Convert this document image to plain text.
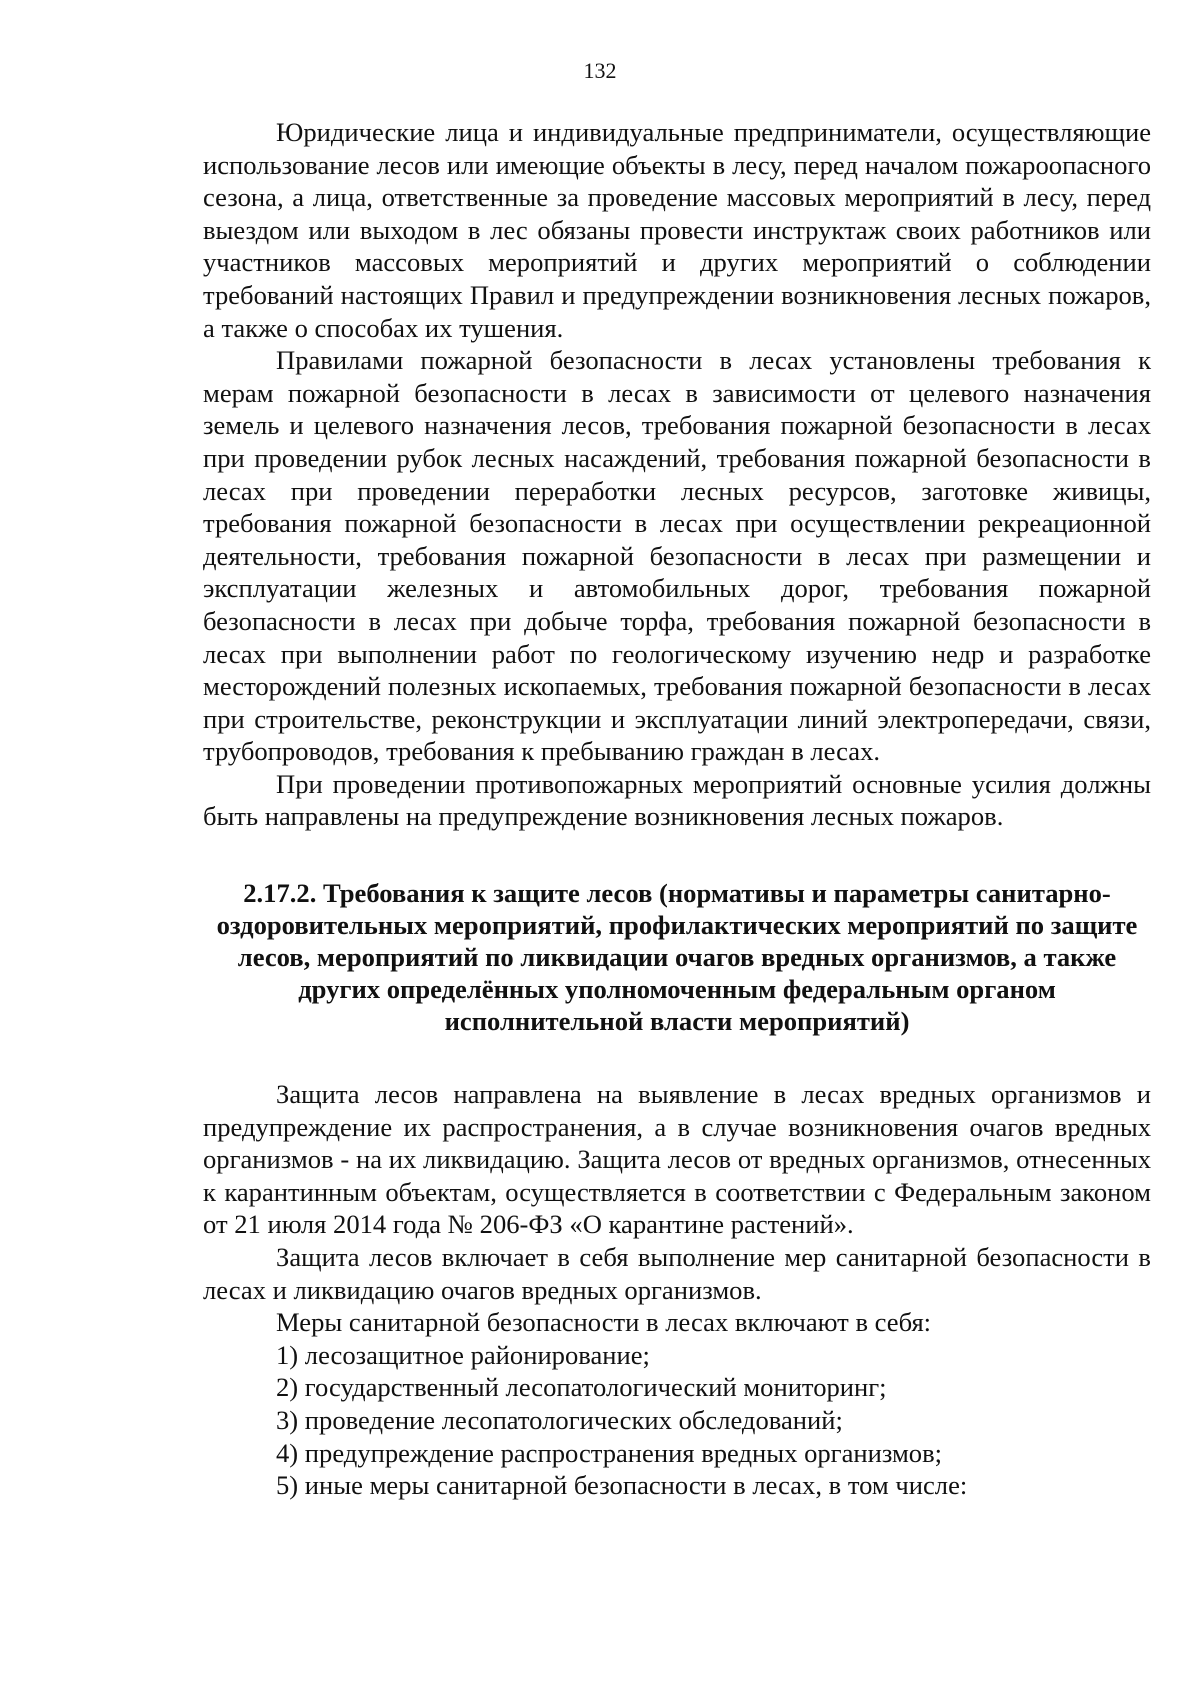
132

Юридические лица и индивидуальные предприниматели, осуществляющие использование лесов или имеющие объекты в лесу, перед началом пожароопасного сезона, а лица, ответственные за проведение массовых мероприятий в лесу, перед выездом или выходом в лес обязаны провести инструктаж своих работников или участников массовых мероприятий и других мероприятий о соблюдении требований настоящих Правил и предупреждении возникновения лесных пожаров, а также о способах их тушения.

Правилами пожарной безопасности в лесах установлены требования к мерам пожарной безопасности в лесах в зависимости от целевого назначения земель и целевого назначения лесов, требования пожарной безопасности в лесах при проведении рубок лесных насаждений, требования пожарной безопасности в лесах при проведении переработки лесных ресурсов, заготовке живицы, требования пожарной безопасности в лесах при осуществлении рекреационной деятельности, требования пожарной безопасности в лесах при размещении и эксплуатации железных и автомобильных дорог, требования пожарной безопасности в лесах при добыче торфа, требования пожарной безопасности в лесах при выполнении работ по геологическому изучению недр и разработке месторождений полезных ископаемых, требования пожарной безопасности в лесах при строительстве, реконструкции и эксплуатации линий электропередачи, связи, трубопроводов, требования к пребыванию граждан в лесах.

При проведении противопожарных мероприятий основные усилия должны быть направлены на предупреждение возникновения лесных пожаров.

2.17.2. Требования к защите лесов (нормативы и параметры санитарно-оздоровительных мероприятий, профилактических мероприятий по защите лесов, мероприятий по ликвидации очагов вредных организмов, а также других определённых уполномоченным федеральным органом исполнительной власти мероприятий)

Защита лесов направлена на выявление в лесах вредных организмов и предупреждение их распространения, а в случае возникновения очагов вредных организмов - на их ликвидацию. Защита лесов от вредных организмов, отнесенных к карантинным объектам, осуществляется в соответствии с Федеральным законом от 21 июля 2014 года № 206-ФЗ «О карантине растений».

Защита лесов включает в себя выполнение мер санитарной безопасности в лесах и ликвидацию очагов вредных организмов.

Меры санитарной безопасности в лесах включают в себя:

1) лесозащитное районирование;
2) государственный лесопатологический мониторинг;
3) проведение лесопатологических обследований;
4) предупреждение распространения вредных организмов;
5) иные меры санитарной безопасности в лесах, в том числе:
